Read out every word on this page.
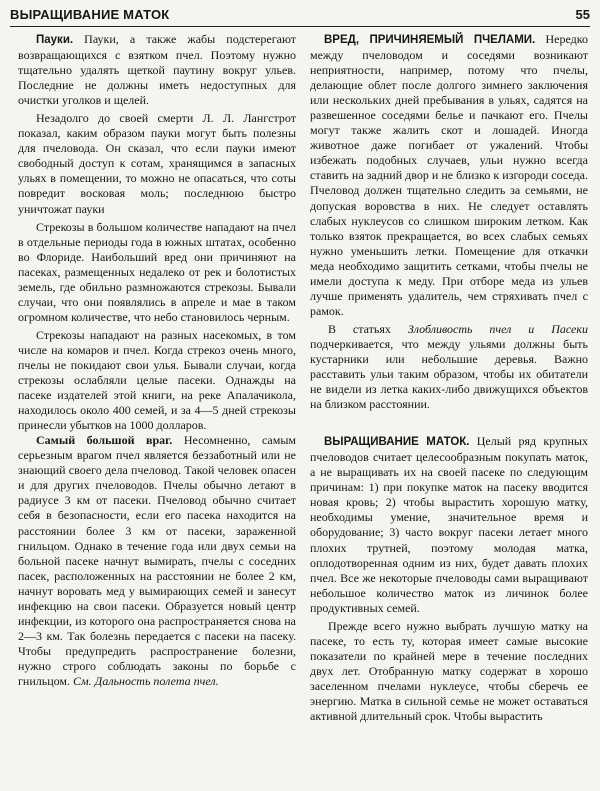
ВЫРАЩИВАНИЕ МАТОК	55

Пауки. Пауки, а также жабы подстерегают возвращающихся с взятком пчел. Поэтому нужно тщательно удалять щеткой паутину вокруг ульев. Последние не должны иметь недоступных для очистки уголков и щелей.

Незадолго до своей смерти Л. Л. Лангстрот показал, каким образом пауки могут быть полезны для пчеловода. Он сказал, что если пауки имеют свободный доступ к сотам, хранящимся в запасных ульях в помещении, то можно не опасаться, что соты повредит восковая моль; последнюю быстро уничтожат пауки

Стрекозы в большом количестве нападают на пчел в отдельные периоды года в южных штатах, особенно во Флориде. Наибольший вред они причиняют на пасеках, размещенных недалеко от рек и болотистых земель, где обильно размножаются стрекозы. Бывали случаи, что они появлялись в апреле и мае в таком огромном количестве, что небо становилось черным.

Стрекозы нападают на разных насекомых, в том числе на комаров и пчел. Когда стрекоз очень много, пчелы не покидают свои улья. Бывали случаи, когда стрекозы ослабляли целые пасеки. Однажды на пасеке издателей этой книги, на реке Апалачикола, находилось около 400 семей, и за 4—5 дней стрекозы принесли убытков на 1000 долларов.

Самый большой враг. Несомненно, самым серьезным врагом пчел является беззаботный или не знающий своего дела пчеловод. Такой человек опасен и для других пчеловодов. Пчелы обычно летают в радиусе 3 км от пасеки. Пчеловод обычно считает себя в безопасности, если его пасека находится на расстоянии более 3 км от пасеки, зараженной гнильцом. Однако в течение года или двух семьи на больной пасеке начнут вымирать, пчелы с соседних пасек, расположенных на расстоянии не более 2 км, начнут воровать мед у вымирающих семей и занесут инфекцию на свои пасеки. Образуется новый центр инфекции, из которого она распространяется снова на 2—3 км. Так болезнь передается с пасеки на пасеку. Чтобы предупредить распространение болезни, нужно строго соблюдать законы по борьбе с гнильцом. См. Дальность полета пчел.

ВРЕД, ПРИЧИНЯЕМЫЙ ПЧЕЛАМИ. Нередко между пчеловодом и соседями возникают неприятности, например, потому что пчелы, делающие облет после долгого зимнего заключения или нескольких дней пребывания в ульях, садятся на развешенное соседями белье и пачкают его. Пчелы могут также жалить скот и лошадей. Иногда животное даже погибает от ужалений. Чтобы избежать подобных случаев, ульи нужно всегда ставить на задний двор и не близко к изгороди соседа. Пчеловод должен тщательно следить за семьями, не допуская воровства в них. Не следует оставлять слабых нуклеусов со слишком широким летком. Как только взяток прекращается, во всех слабых семьях нужно уменьшить летки. Помещение для откачки меда необходимо защитить сетками, чтобы пчелы не имели доступа к меду. При отборе меда из ульев лучше применять удалитель, чем стряхивать пчел с рамок.

В статьях Злобливость пчел и Пасеки подчеркивается, что между ульями должны быть кустарники или небольшие деревья. Важно расставить ульи таким образом, чтобы их обитатели не видели из летка каких-либо движущихся объектов на близком расстоянии.

ВЫРАЩИВАНИЕ МАТОК. Целый ряд крупных пчеловодов считает целесообразным покупать маток, а не выращивать их на своей пасеке по следующим причинам: 1) при покупке маток на пасеку вводится новая кровь; 2) чтобы вырастить хорошую матку, необходимы умение, значительное время и оборудование; 3) часто вокруг пасеки летает много плохих трутней, поэтому молодая матка, оплодотворенная одним из них, будет давать плохих пчел. Все же некоторые пчеловоды сами выращивают небольшое количество маток из личинок более продуктивных семей.

Прежде всего нужно выбрать лучшую матку на пасеке, то есть ту, которая имеет самые высокие показатели по крайней мере в течение последних двух лет. Отобранную матку содержат в хорошо заселенном пчелами нуклеусе, чтобы сберечь ее энергию. Матка в сильной семье не может оставаться активной длительный срок. Чтобы вырастить
